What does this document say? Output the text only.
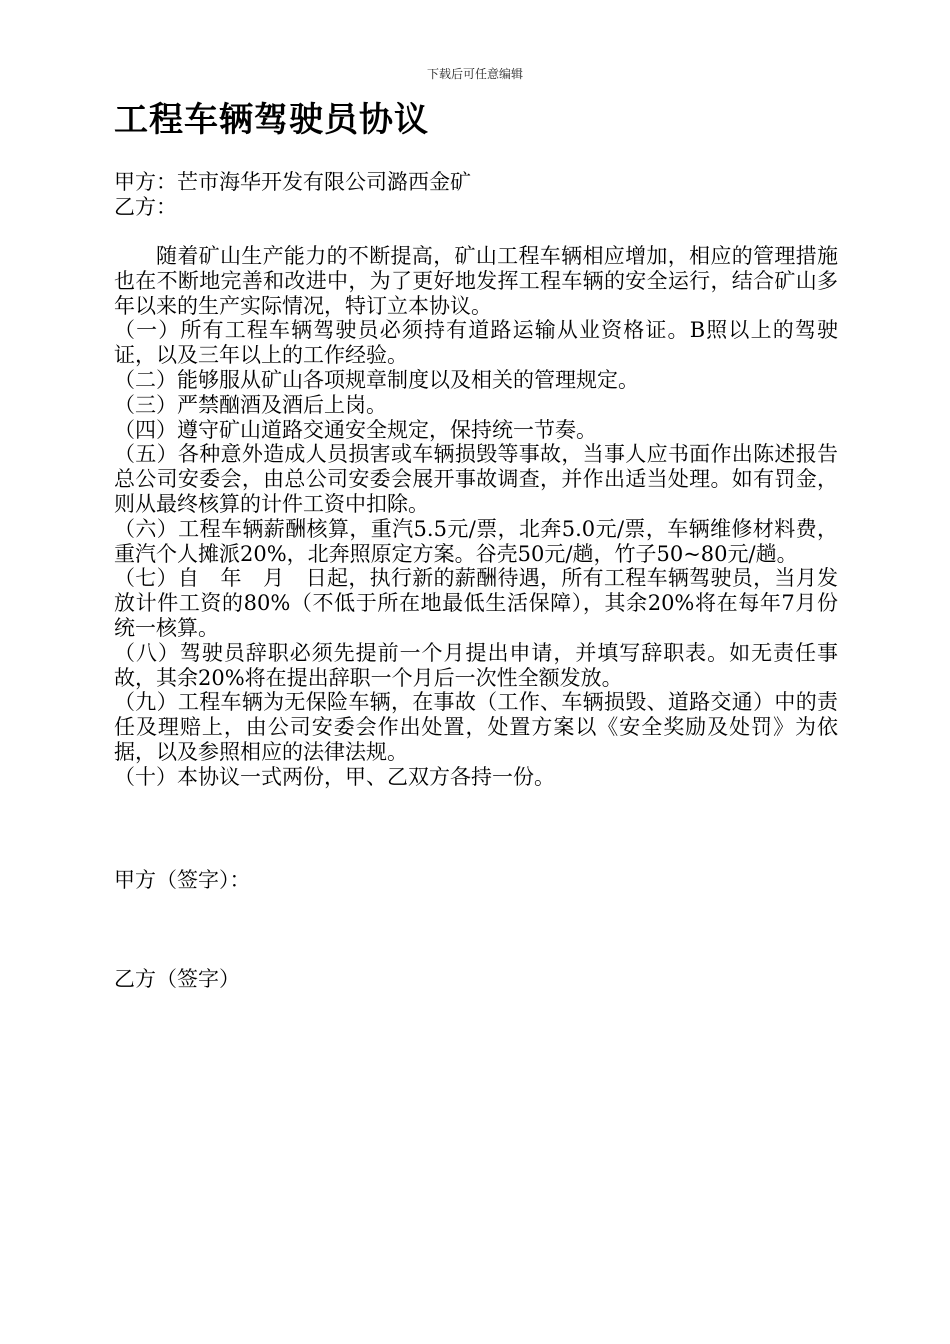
下载后可任意编辑
工程车辆驾驶员协议
甲方：芒市海华开发有限公司潞西金矿
乙方：

随着矿山生产能力的不断提高，矿山工程车辆相应增加，相应的管理措施也在不断地完善和改进中，为了更好地发挥工程车辆的安全运行，结合矿山多年以来的生产实际情况，特订立本协议。

（一）所有工程车辆驾驶员必须持有道路运输从业资格证。B照以上的驾驶证，以及三年以上的工作经验。

（二）能够服从矿山各项规章制度以及相关的管理规定。

（三）严禁酗酒及酒后上岗。

（四）遵守矿山道路交通安全规定，保持统一节奏。

（五）各种意外造成人员损害或车辆损毁等事故，当事人应书面作出陈述报告总公司安委会，由总公司安委会展开事故调查，并作出适当处理。如有罚金，则从最终核算的计件工资中扣除。

（六）工程车辆薪酬核算，重汽5.5元/票，北奔5.0元/票，车辆维修材料费，重汽个人摊派20%，北奔照原定方案。谷壳50元/趟，竹子50~80元/趟。

（七）自　年　月　日起，执行新的薪酬待遇，所有工程车辆驾驶员，当月发放计件工资的80%（不低于所在地最低生活保障），其余20%将在每年7月份统一核算。

（八）驾驶员辞职必须先提前一个月提出申请，并填写辞职表。如无责任事故，其余20%将在提出辞职一个月后一次性全额发放。

（九）工程车辆为无保险车辆，在事故（工作、车辆损毁、道路交通）中的责任及理赔上，由公司安委会作出处置，处置方案以《安全奖励及处罚》为依据，以及参照相应的法律法规。

（十）本协议一式两份，甲、乙双方各持一份。

甲方（签字）：
乙方（签字）
